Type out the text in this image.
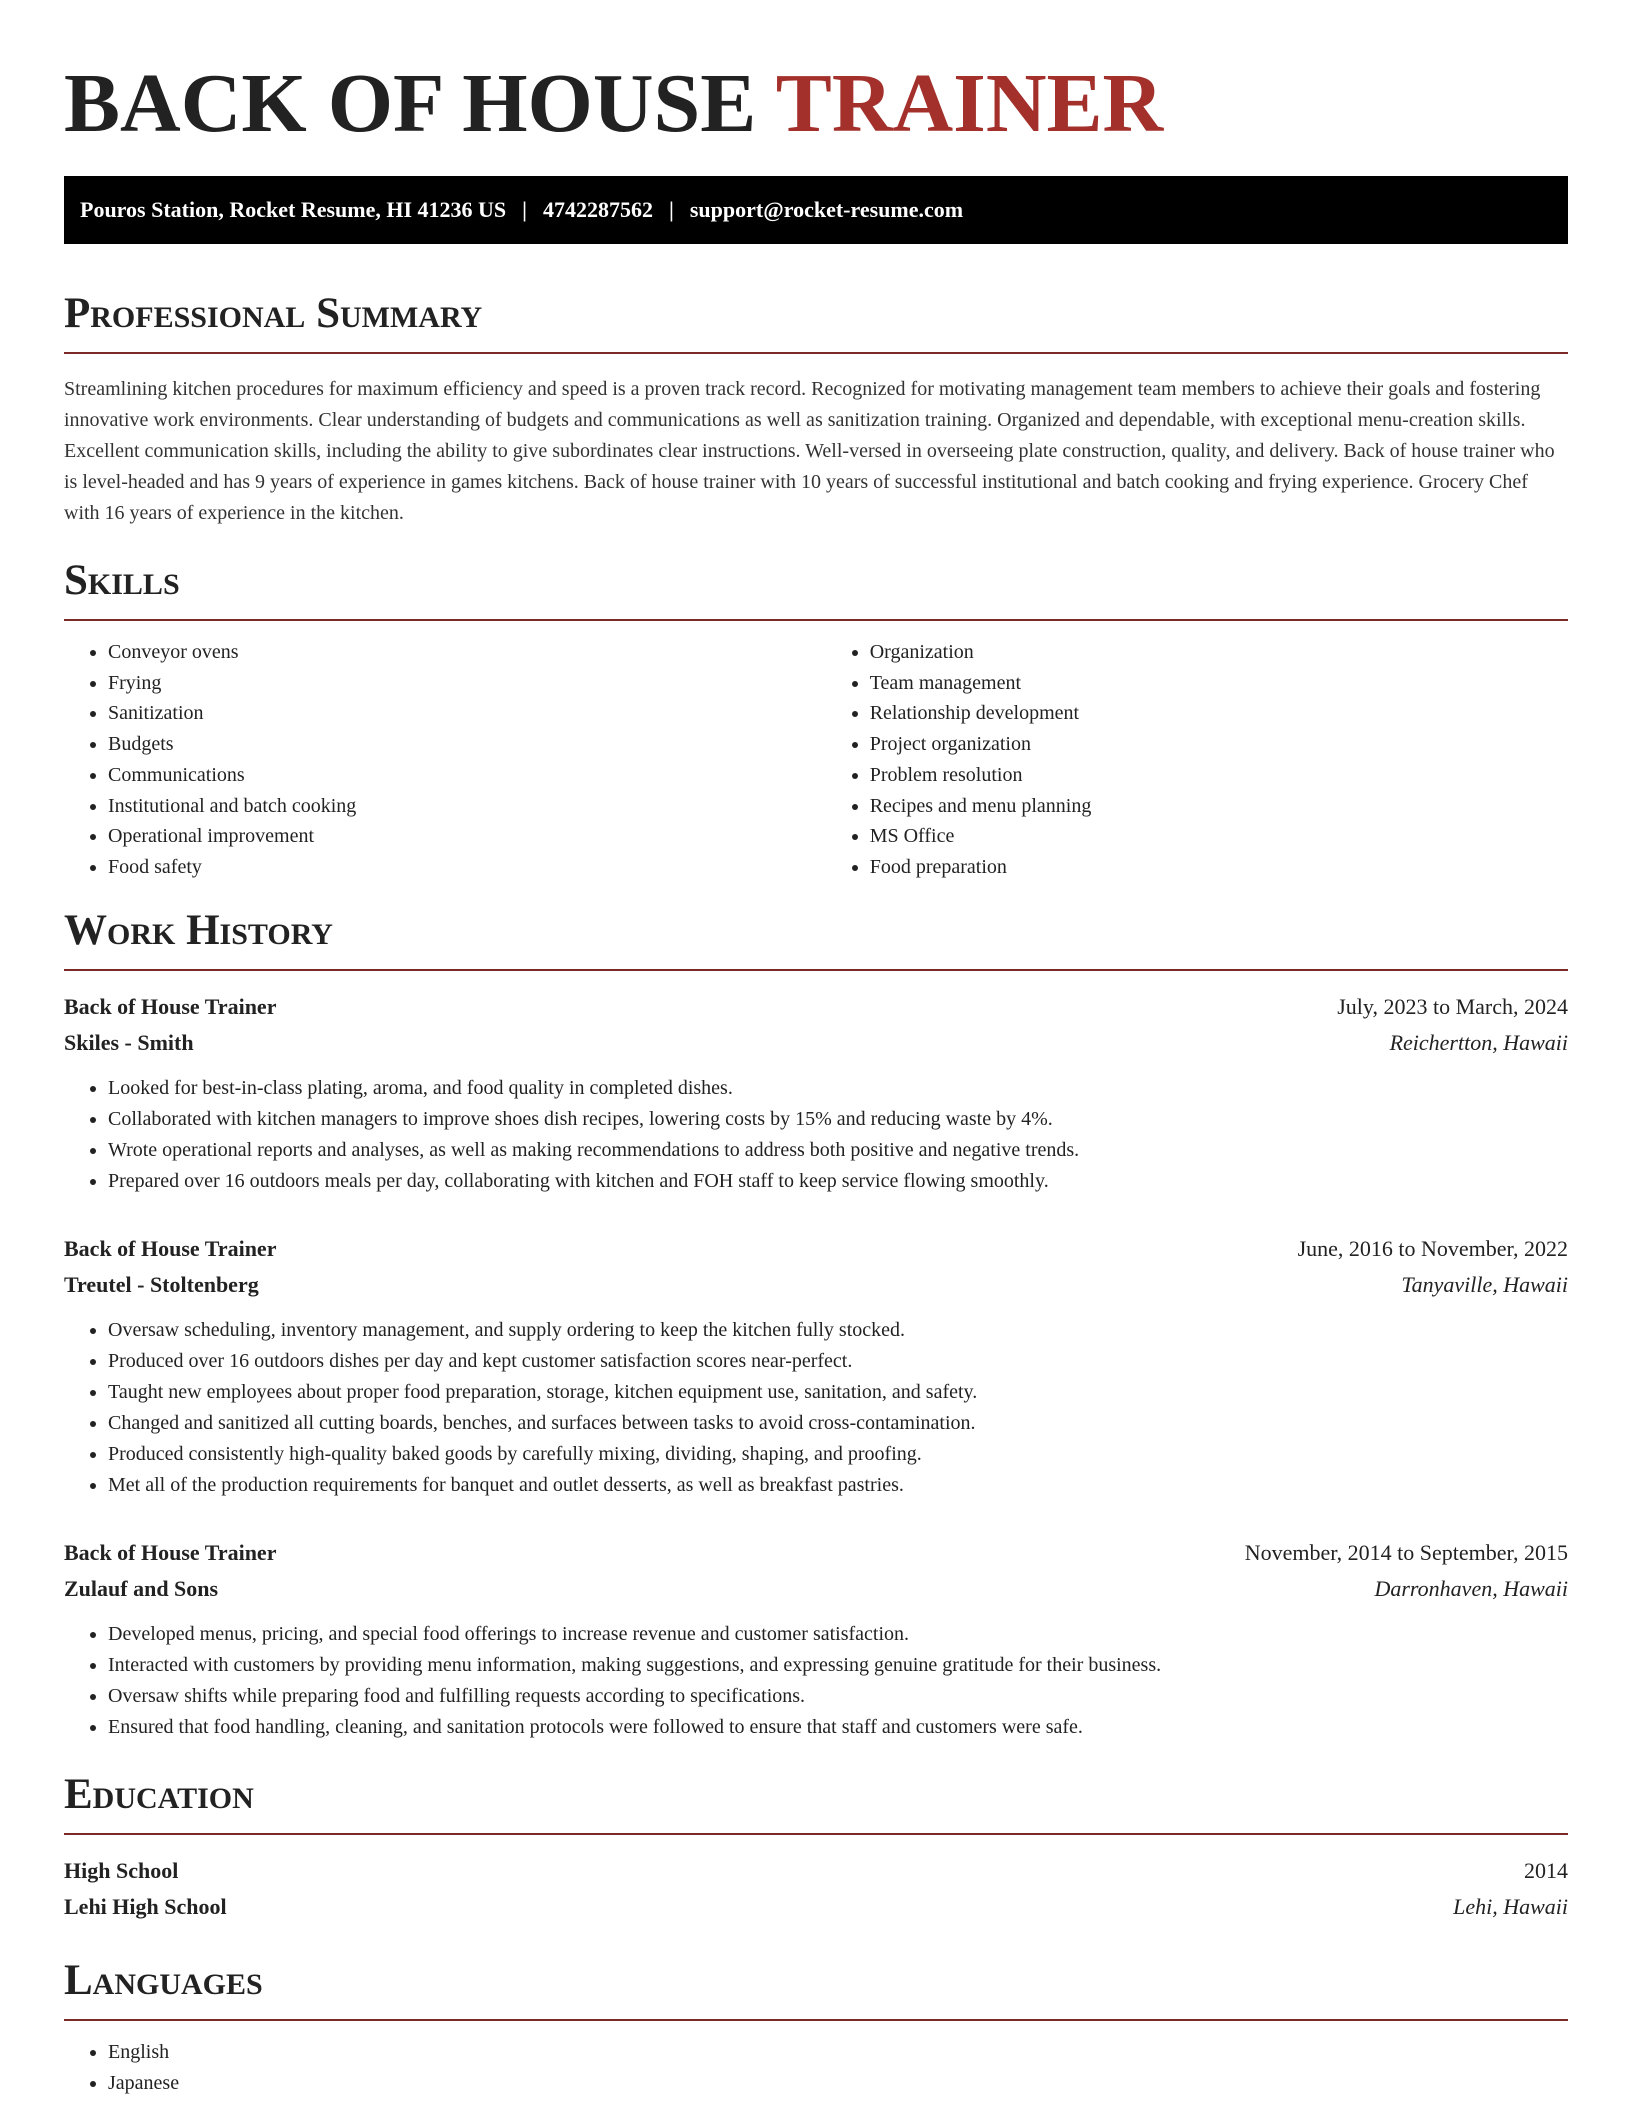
BACK OF HOUSE TRAINER
Pouros Station, Rocket Resume, HI 41236 US | 4742287562 | support@rocket-resume.com
Professional Summary

Streamlining kitchen procedures for maximum efficiency and speed is a proven track record. Recognized for motivating management team members to achieve their goals and fostering innovative work environments. Clear understanding of budgets and communications as well as sanitization training. Organized and dependable, with exceptional menu-creation skills. Excellent communication skills, including the ability to give subordinates clear instructions. Well-versed in overseeing plate construction, quality, and delivery. Back of house trainer who is level-headed and has 9 years of experience in games kitchens. Back of house trainer with 10 years of successful institutional and batch cooking and frying experience. Grocery Chef with 16 years of experience in the kitchen.

Skills
• Conveyor ovens
• Frying
• Sanitization
• Budgets
• Communications
• Institutional and batch cooking
• Operational improvement
• Food safety
• Organization
• Team management
• Relationship development
• Project organization
• Problem resolution
• Recipes and menu planning
• MS Office
• Food preparation
Work History
Back of House Trainer	July, 2023 to March, 2024
Skiles - Smith	Reichertton, Hawaii
• Looked for best-in-class plating, aroma, and food quality in completed dishes.
• Collaborated with kitchen managers to improve shoes dish recipes, lowering costs by 15% and reducing waste by 4%.
• Wrote operational reports and analyses, as well as making recommendations to address both positive and negative trends.
• Prepared over 16 outdoors meals per day, collaborating with kitchen and FOH staff to keep service flowing smoothly.
Back of House Trainer	June, 2016 to November, 2022
Treutel - Stoltenberg	Tanyaville, Hawaii
• Oversaw scheduling, inventory management, and supply ordering to keep the kitchen fully stocked.
• Produced over 16 outdoors dishes per day and kept customer satisfaction scores near-perfect.
• Taught new employees about proper food preparation, storage, kitchen equipment use, sanitation, and safety.
• Changed and sanitized all cutting boards, benches, and surfaces between tasks to avoid cross-contamination.
• Produced consistently high-quality baked goods by carefully mixing, dividing, shaping, and proofing.
• Met all of the production requirements for banquet and outlet desserts, as well as breakfast pastries.
Back of House Trainer	November, 2014 to September, 2015
Zulauf and Sons	Darronhaven, Hawaii
• Developed menus, pricing, and special food offerings to increase revenue and customer satisfaction.
• Interacted with customers by providing menu information, making suggestions, and expressing genuine gratitude for their business.
• Oversaw shifts while preparing food and fulfilling requests according to specifications.
• Ensured that food handling, cleaning, and sanitation protocols were followed to ensure that staff and customers were safe.
Education
High School	2014
Lehi High School	Lehi, Hawaii
Languages
• English
• Japanese
